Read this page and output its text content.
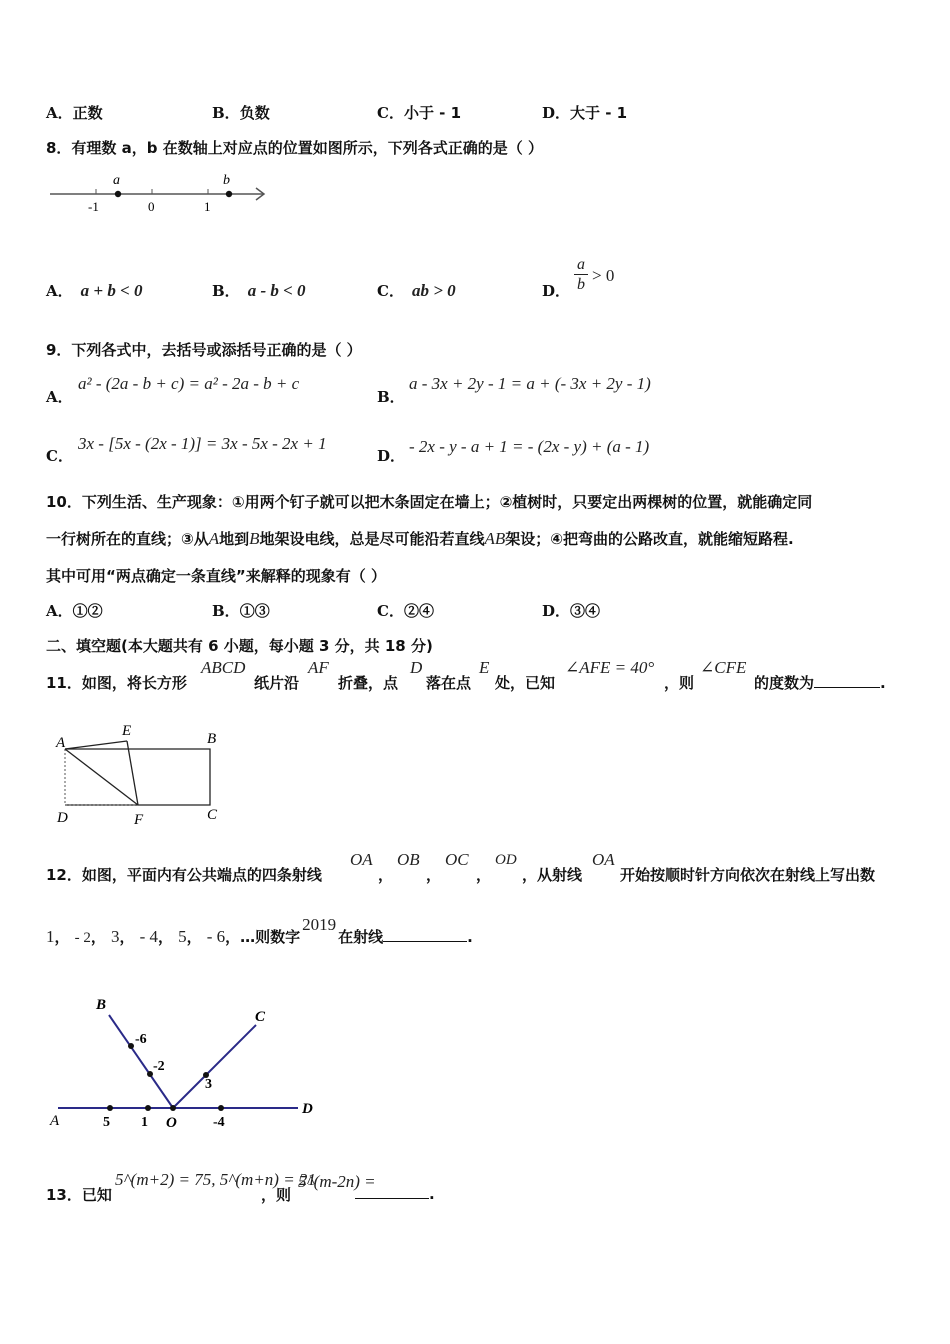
A．正数	B．负数	C．小于 - 1	D．大于 - 1
8．有理数 a，b 在数轴上对应点的位置如图所示，下列各式正确的是（ ）
a	b
-1	0	1
A． a + b < 0	B． a - b < 0	C． ab > 0	D．
a
b > 0
9．下列各式中，去括号或添括号正确的是（ ）
A．
a² - (2a - b + c) = a² - 2a - b + c
B．
a - 3x + 2y - 1 = a + (- 3x + 2y - 1)
C．
3x - [5x - (2x - 1)] = 3x - 5x - 2x + 1
D． - 2x - y - a + 1 = - (2x - y) + (a - 1)
10．下列生活、生产现象：①用两个钉子就可以把木条固定在墙上；②植树时，只要定出两棵树的位置，就能确定同
一行树所在的直线；③从A地到B地架设电线，总是尽可能沿若直线AB架设；④把弯曲的公路改直，就能缩短路程.
其中可用“两点确定一条直线”来解释的现象有（ ）
A．①②	B．①③	C．②④	D．③④
二、填空题(本大题共有 6 小题，每小题 3 分，共 18 分)
11．如图，将长方形
ABCD
纸片沿
AF
折叠，点
D
落在点
E
处，已知
∠AFE = 40°
，则
∠CFE
的度数为	.
A
E	B
D	F	C
12．如图，平面内有公共端点的四条射线
OA
，
OB
，
OC
，
OD
，从射线
OA
开始按顺时针方向依次在射线上写出数
1， - 2， 3， - 4， 5， - 6，…则数字2019在射线	.
B
C
D
A	O
-6
-2
3
5 1	-4
13．已知
5^(m+2) = 75, 5^(m+n) = 21
，则
5^(m-2n) =
.
